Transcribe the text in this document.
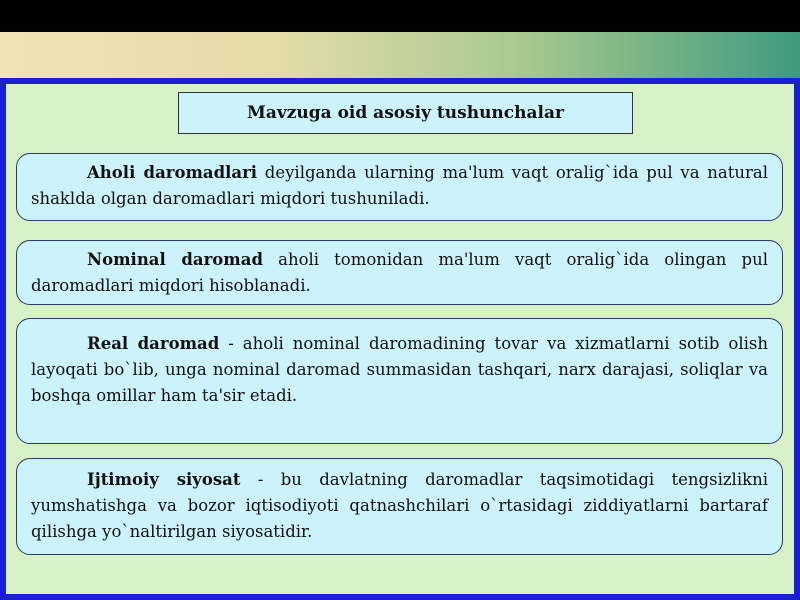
Mavzuga oid asosiy tushunchalar

Aholi daromadlari deyilganda ularning ma'lum vaqt oralig`ida pul va natural shaklda olgan daromadlari miqdori tushuniladi.

Nominal daromad aholi tomonidan ma'lum vaqt oralig`ida olingan pul daromadlari miqdori hisoblanadi.

Real daromad - aholi nominal daromadining tovar va xizmatlarni sotib olish layoqati bo`lib, unga nominal daromad summasidan tashqari, narx darajasi, soliqlar va boshqa omillar ham ta'sir etadi.

Ijtimoiy siyosat - bu davlatning daromadlar taqsimotidagi tengsizlikni yumshatishga va bozor iqtisodiyoti qatnashchilari o`rtasidagi ziddiyatlarni bartaraf qilishga yo`naltirilgan siyosatidir.
